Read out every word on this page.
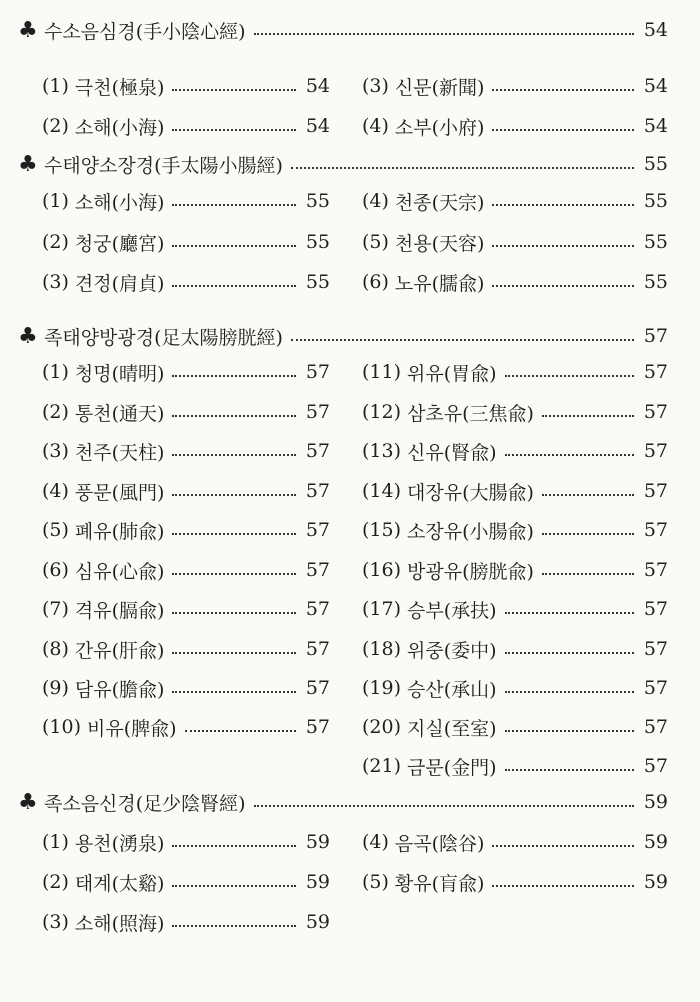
♣ 수소음심경(手小陰心經)	54
(1) 극천(極泉)	54
(2) 소해(小海)	54
(3) 신문(新聞)	54
(4) 소부(小府)	54
♣ 수태양소장경(手太陽小腸經)	55
(1) 소해(小海)	55
(2) 청궁(廳宮)	55
(3) 견정(肩貞)	55
(4) 천종(天宗)	55
(5) 천용(天容)	55
(6) 노유(臑兪)	55
♣ 족태양방광경(足太陽膀胱經)	57
(1) 청명(晴明)	57
(2) 통천(通天)	57
(3) 천주(天柱)	57
(4) 풍문(風門)	57
(5) 폐유(肺兪)	57
(6) 심유(心兪)	57
(7) 격유(膈兪)	57
(8) 간유(肝兪)	57
(9) 담유(膽兪)	57
(10) 비유(脾兪)	57
(11) 위유(胃兪)	57
(12) 삼초유(三焦兪)	57
(13) 신유(腎兪)	57
(14) 대장유(大腸兪)	57
(15) 소장유(小腸兪)	57
(16) 방광유(膀胱兪)	57
(17) 승부(承扶)	57
(18) 위중(委中)	57
(19) 승산(承山)	57
(20) 지실(至室)	57
(21) 금문(金門)	57
♣ 족소음신경(足少陰腎經)	59
(1) 용천(湧泉)	59
(2) 태계(太谿)	59
(3) 소해(照海)	59
(4) 음곡(陰谷)	59
(5) 황유(肓兪)	59
